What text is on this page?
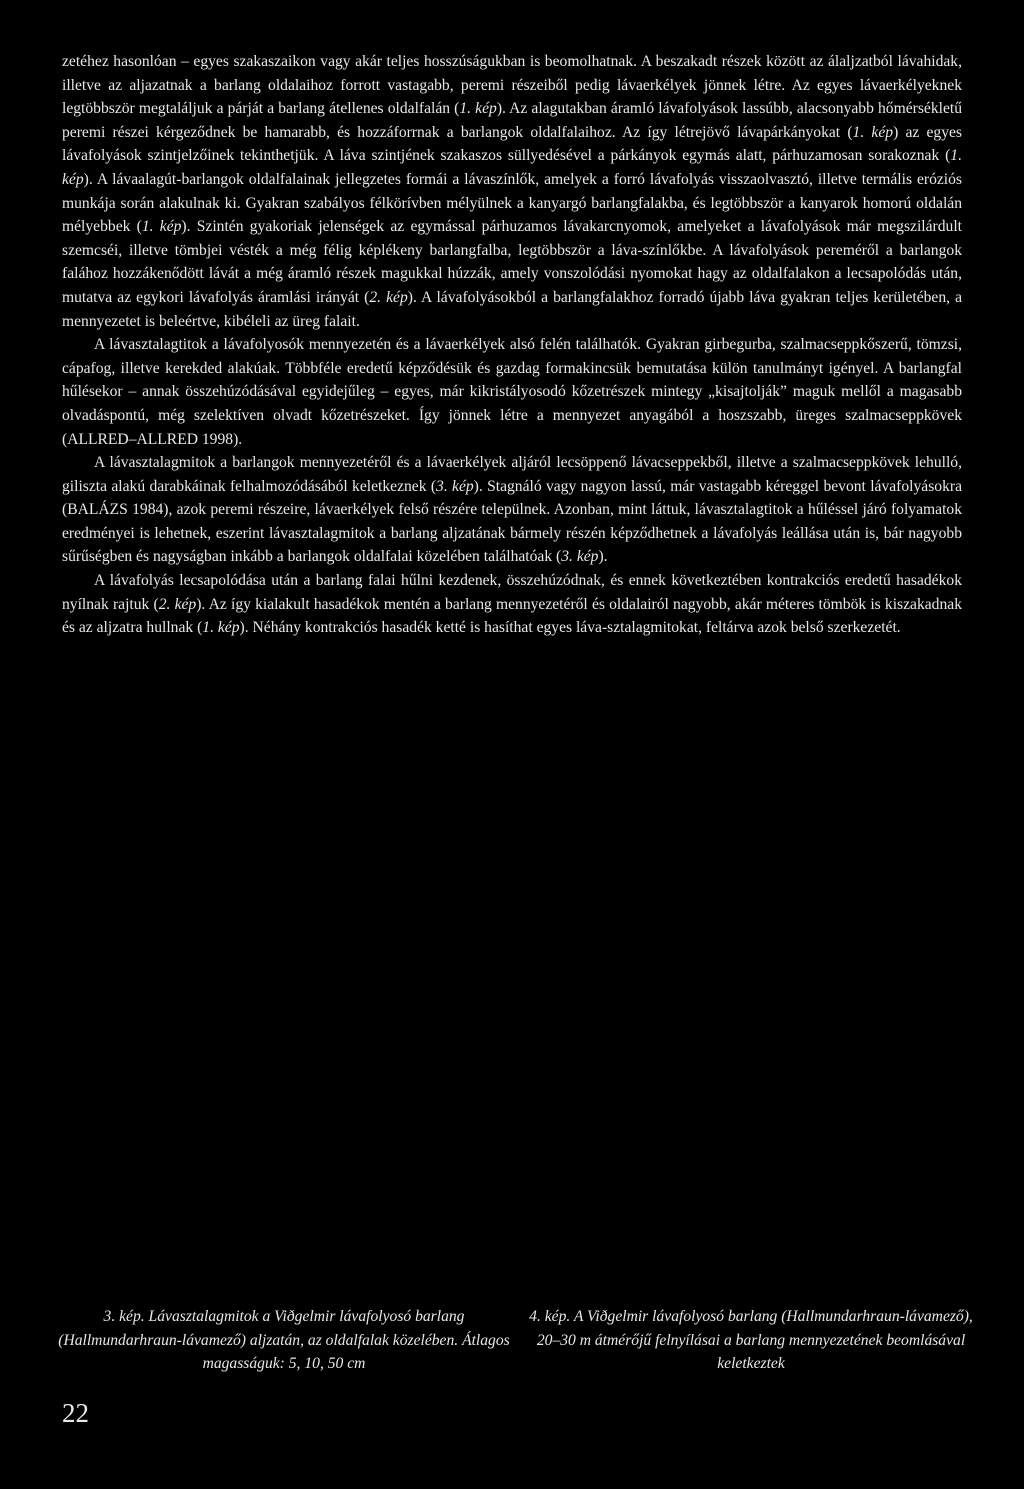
zetéhez hasonlóan – egyes szakaszaikon vagy akár teljes hosszúságukban is beomolhatnak. A beszakadt részek között az álaljzatból lávahidak, illetve az aljazatnak a barlang oldalaihoz forrott vastagabb, peremi részeiből pedig lávaerkélyek jönnek létre. Az egyes lávaerkélyeknek legtöbbször megtaláljuk a párját a barlang átellenes oldalfalán (1. kép). Az alagutakban áramló lávafolyások lassúbb, alacsonyabb hőmérsékletű peremi részei kérgeződnek be hamarabb, és hozzáforrnak a barlangok oldalfalaihoz. Az így létrejövő lávapárkányokat (1. kép) az egyes lávafolyások szintjelzőinek tekinthetjük. A láva szintjének szakaszos süllyedésével a párkányok egymás alatt, párhuzamosan sorakoznak (1. kép). A lávaalagút-barlangok oldalfalainak jellegzetes formái a lávaszínlők, amelyek a forró lávafolyás visszaolvasztó, illetve termális eróziós munkája során alakulnak ki. Gyakran szabályos félkörívben mélyülnek a kanyargó barlangfalakba, és legtöbbször a kanyarok homorú oldalán mélyebbek (1. kép). Szintén gyakoriak jelenségek az egymással párhuzamos lávakarcnyomok, amelyeket a lávafolyások már megszilárdult szemcséi, illetve tömbjei vésték a még félig képlékeny barlangfalba, legtöbbször a láva-színlőkbe. A lávafolyások pereméről a barlangok falához hozzákenődött lávát a még áramló részek magukkal húzzák, amely vonszolódási nyomokat hagy az oldalfalakon a lecsapolódás után, mutatva az egykori lávafolyás áramlási irányát (2. kép). A lávafolyásokból a barlangfalakhoz forradó újabb láva gyakran teljes kerületében, a mennyezetet is beleértve, kibéleli az üreg falait.

A lávasztalagtitok a lávafolyosók mennyezetén és a lávaerkélyek alsó felén találhatók. Gyakran girbegurba, szalmacseppkőszerű, tömzsi, cápafog, illetve kerekded alakúak. Többféle eredetű képződésük és gazdag formakincsük bemutatása külön tanulmányt igényel. A barlangfal hűlésekor – annak összehúzódásával egyidejűleg – egyes, már kikristályosodó kőzetrészek mintegy „kisajtolják” maguk mellől a magasabb olvadáspontú, még szelektíven olvadt kőzetrészeket. Így jönnek létre a mennyezet anyagából a hoszszabb, üreges szalmacseppkövek (ALLRED–ALLRED 1998).

A lávasztalagmitok a barlangok mennyezetéről és a lávaerkélyek aljáról lecsöppenő lávacseppekből, illetve a szalmacseppkövek lehulló, giliszta alakú darabkáinak felhalmozódásából keletkeznek (3. kép). Stagnáló vagy nagyon lassú, már vastagabb kéreggel bevont lávafolyásokra (BALÁZS 1984), azok peremi részeire, lávaerkélyek felső részére települnek. Azonban, mint láttuk, lávasztalagtitok a hűléssel járó folyamatok eredményei is lehetnek, eszerint lávasztalagmitok a barlang aljzatának bármely részén képződhetnek a lávafolyás leállása után is, bár nagyobb sűrűségben és nagyságban inkább a barlangok oldalfalai közelében találhatóak (3. kép).

A lávafolyás lecsapolódása után a barlang falai hűlni kezdenek, összehúzódnak, és ennek következtében kontrakciós eredetű hasadékok nyílnak rajtuk (2. kép). Az így kialakult hasadékok mentén a barlang mennyezetéről és oldalairól nagyobb, akár méteres tömbök is kiszakadnak és az aljzatra hullnak (1. kép). Néhány kontrakciós hasadék ketté is hasíthat egyes láva-sztalagmitokat, feltárva azok belső szerkezetét.

3. kép. Lávasztalagmitok a Viðgelmir lávafolyosó barlang (Hallmundarhraun-lávamező) aljzatán, az oldalfalak közelében. Átlagos magasságuk: 5, 10, 50 cm
4. kép. A Viðgelmir lávafolyosó barlang (Hallmundarhraun-lávamező), 20–30 m átmérőjű felnyílásai a barlang mennyezetének beomlásával keletkeztek
22
